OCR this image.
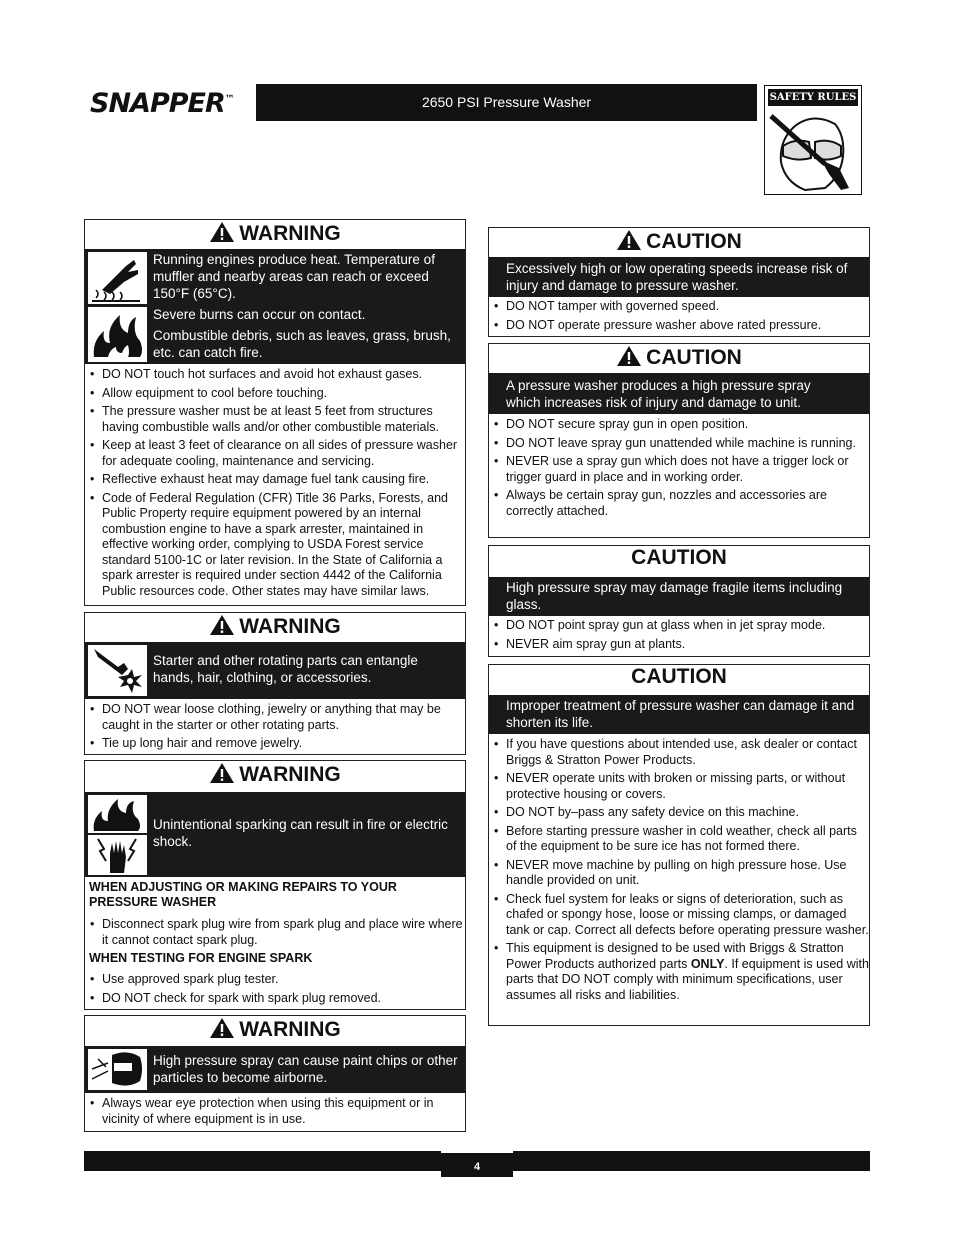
SNAPPER™	2650 PSI Pressure Washer	SAFETY RULES
WARNING
Running engines produce heat. Temperature of muffler and nearby areas can reach or exceed 150°F (65°C).
Severe burns can occur on contact.
Combustible debris, such as leaves, grass, brush, etc. can catch fire.
• DO NOT touch hot surfaces and avoid hot exhaust gases.
• Allow equipment to cool before touching.
• The pressure washer must be at least 5 feet from structures having combustible walls and/or other combustible materials.
• Keep at least 3 feet of clearance on all sides of pressure washer for adequate cooling, maintenance and servicing.
• Reflective exhaust heat may damage fuel tank causing fire.
• Code of Federal Regulation (CFR) Title 36 Parks, Forests, and Public Property require equipment powered by an internal combustion engine to have a spark arrester, maintained in effective working order, complying to USDA Forest service standard 5100-1C or later revision. In the State of California a spark arrester is required under section 4442 of the California Public resources code. Other states may have similar laws.
WARNING
Starter and other rotating parts can entangle hands, hair, clothing, or accessories.
• DO NOT wear loose clothing, jewelry or anything that may be caught in the starter or other rotating parts.
• Tie up long hair and remove jewelry.
WARNING
Unintentional sparking can result in fire or electric shock.
WHEN ADJUSTING OR MAKING REPAIRS TO YOUR PRESSURE WASHER
• Disconnect spark plug wire from spark plug and place wire where it cannot contact spark plug.
WHEN TESTING FOR ENGINE SPARK
• Use approved spark plug tester.
• DO NOT check for spark with spark plug removed.
WARNING
High pressure spray can cause paint chips or other particles to become airborne.
• Always wear eye protection when using this equipment or in vicinity of where equipment is in use.
CAUTION
Excessively high or low operating speeds increase risk of injury and damage to pressure washer.
• DO NOT tamper with governed speed.
• DO NOT operate pressure washer above rated pressure.
CAUTION
A pressure washer produces a high pressure spray which increases risk of injury and damage to unit.
• DO NOT secure spray gun in open position.
• DO NOT leave spray gun unattended while machine is running.
• NEVER use a spray gun which does not have a trigger lock or trigger guard in place and in working order.
• Always be certain spray gun, nozzles and accessories are correctly attached.
CAUTION
High pressure spray may damage fragile items including glass.
• DO NOT point spray gun at glass when in jet spray mode.
• NEVER aim spray gun at plants.
CAUTION
Improper treatment of pressure washer can damage it and shorten its life.
• If you have questions about intended use, ask dealer or contact Briggs & Stratton Power Products.
• NEVER operate units with broken or missing parts, or without protective housing or covers.
• DO NOT by–pass any safety device on this machine.
• Before starting pressure washer in cold weather, check all parts of the equipment to be sure ice has not formed there.
• NEVER move machine by pulling on high pressure hose. Use handle provided on unit.
• Check fuel system for leaks or signs of deterioration, such as chafed or spongy hose, loose or missing clamps, or damaged tank or cap. Correct all defects before operating pressure washer.
• This equipment is designed to be used with Briggs & Stratton Power Products authorized parts ONLY. If equipment is used with parts that DO NOT comply with minimum specifications, user assumes all risks and liabilities.
4
